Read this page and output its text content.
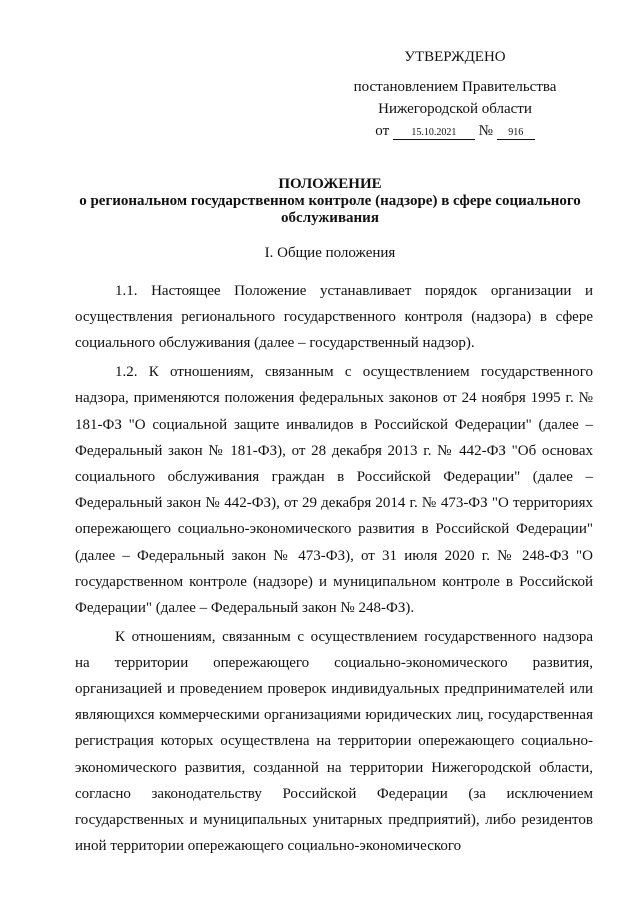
УТВЕРЖДЕНО
постановлением Правительства
Нижегородской области
от 15.10.2021 № 916
ПОЛОЖЕНИЕ
о региональном государственном контроле (надзоре) в сфере социального обслуживания
I. Общие положения

1.1. Настоящее Положение устанавливает порядок организации и осуществления регионального государственного контроля (надзора) в сфере социального обслуживания (далее – государственный надзор).

1.2. К отношениям, связанным с осуществлением государственного надзора, применяются положения федеральных законов от 24 ноября 1995 г. № 181-ФЗ "О социальной защите инвалидов в Российской Федерации" (далее – Федеральный закон № 181-ФЗ), от 28 декабря 2013 г. № 442-ФЗ "Об основах социального обслуживания граждан в Российской Федерации" (далее – Федеральный закон № 442-ФЗ), от 29 декабря 2014 г. № 473-ФЗ "О территориях опережающего социально-экономического развития в Российской Федерации" (далее – Федеральный закон № 473-ФЗ), от 31 июля 2020 г. № 248-ФЗ "О государственном контроле (надзоре) и муниципальном контроле в Российской Федерации" (далее – Федеральный закон № 248-ФЗ).

К отношениям, связанным с осуществлением государственного надзора на территории опережающего социально-экономического развития, организацией и проведением проверок индивидуальных предпринимателей или являющихся коммерческими организациями юридических лиц, государственная регистрация которых осуществлена на территории опережающего социально-экономического развития, созданной на территории Нижегородской области, согласно законодательству Российской Федерации (за исключением государственных и муниципальных унитарных предприятий), либо резидентов иной территории опережающего социально-экономического
